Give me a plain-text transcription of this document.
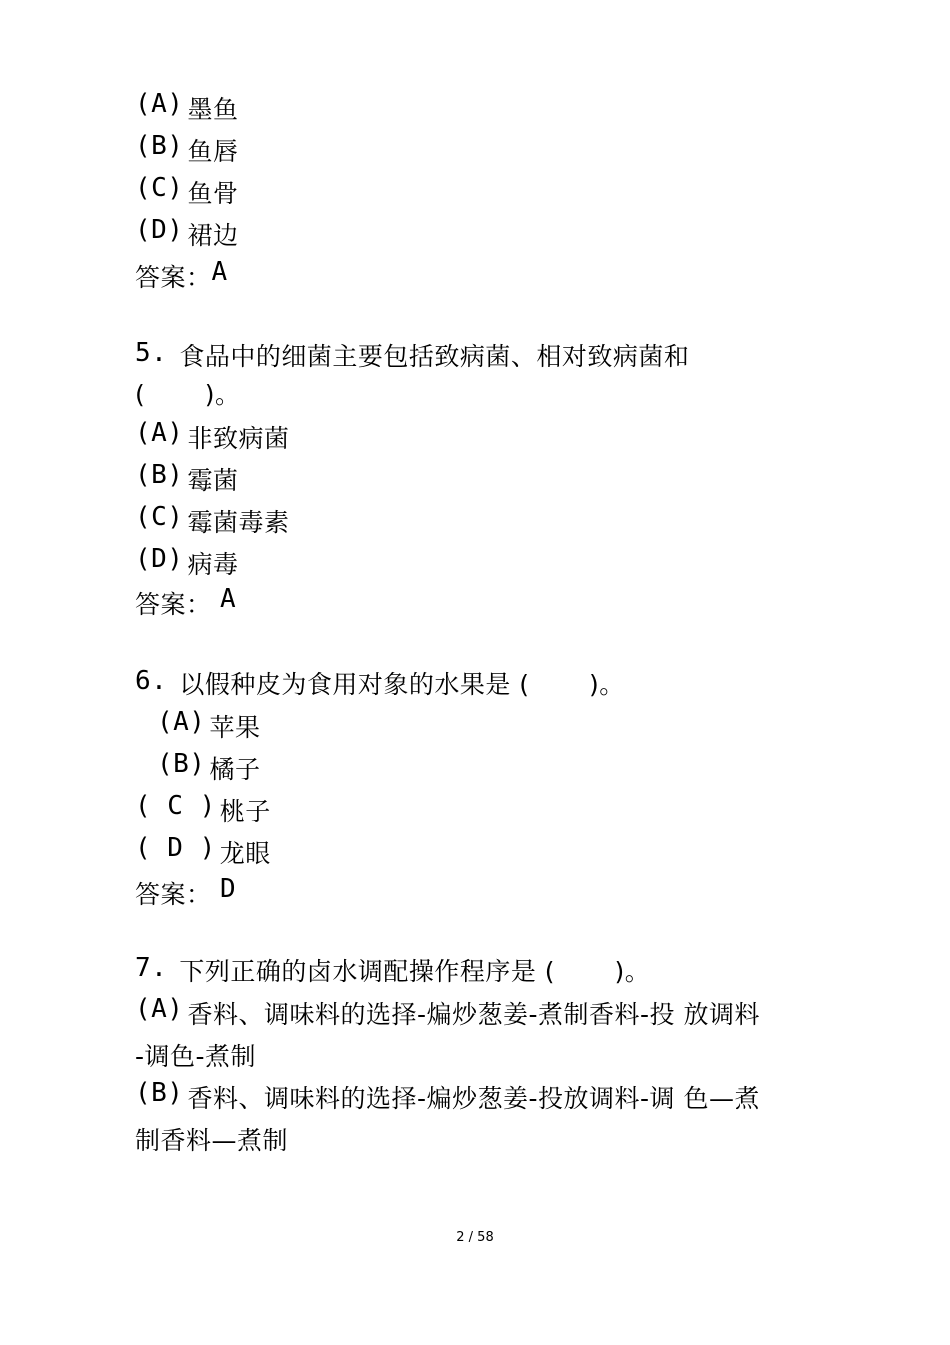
(A) 墨鱼
(B) 鱼唇
(C) 鱼骨
(D) 裙边
答案：A
5. 食品中的细菌主要包括致病菌、相对致病菌和
(　　 )。
(A) 非致病菌
(B) 霉菌
(C) 霉菌毒素
(D) 病毒
答案： A
6. 以假种皮为食用对象的水果是 (　　 )。
(A) 苹果
(B) 橘子
( C ) 桃子
( D ) 龙眼
答案： D
7. 下列正确的卤水调配操作程序是 (　　 )。
(A) 香料、调味料的选择-煸炒葱姜-煮制香料-投 放调料
-调色-煮制
(B) 香料、调味料的选择-煸炒葱姜-投放调料-调 色—煮
制香料—煮制
2 / 58
